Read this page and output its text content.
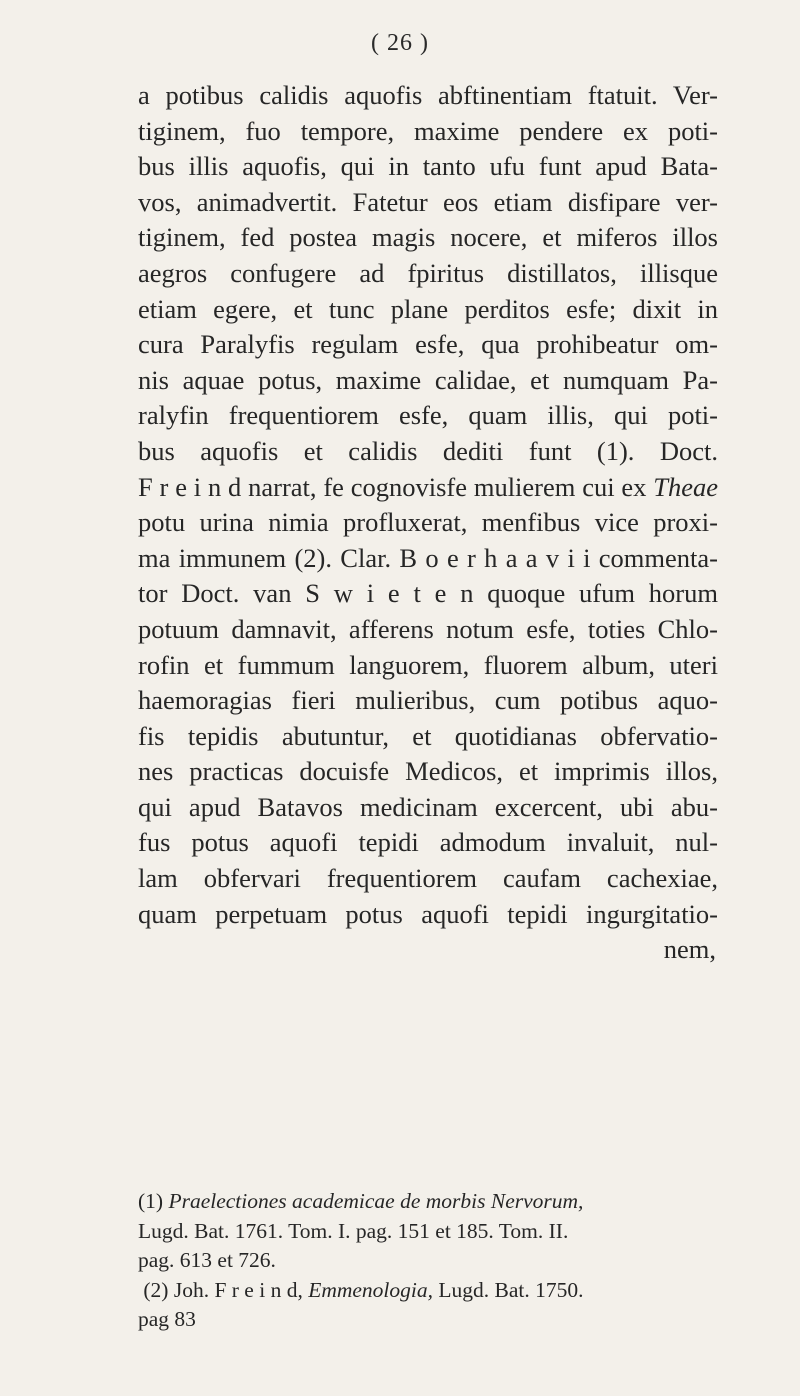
( 26 )
a potibus calidis aquofis abftinentiam ftatuit. Ver-
tiginem, fuo tempore, maxime pendere ex poti-
bus illis aquofis, qui in tanto ufu funt apud Bata-
vos, animadvertit. Fatetur eos etiam disfipare ver-
tiginem, fed postea magis nocere, et miferos illos
aegros confugere ad fpiritus distillatos, illisque
etiam egere, et tunc plane perditos esfe; dixit in
cura Paralyfis regulam esfe, qua prohibeatur om-
nis aquae potus, maxime calidae, et numquam Pa-
ralyfin frequentiorem esfe, quam illis, qui poti-
bus aquofis et calidis dediti funt (1). Doct.
F r e i n d narrat, fe cognovisfe mulierem cui ex Theae
potu urina nimia profluxerat, menfibus vice proxi-
ma immunem (2). Clar. B o e r h a a v i i commenta-
tor Doct. van S w i e t e n quoque ufum horum
potuum damnavit, afferens notum esfe, toties Chlo-
rofin et fummum languorem, fluorem album, uteri
haemoragias fieri mulieribus, cum potibus aquo-
fis tepidis abutuntur, et quotidianas obfervatio-
nes practicas docuisfe Medicos, et imprimis illos,
qui apud Batavos medicinam excercent, ubi abu-
fus potus aquofi tepidi admodum invaluit, nul-
lam obfervari frequentiorem caufam cachexiae,
quam perpetuam potus aquofi tepidi ingurgitatio-
nem,
(1) Praelectiones academicae de morbis Nervorum,
Lugd. Bat. 1761. Tom. I. pag. 151 et 185. Tom. II.
pag. 613 et 726.
(2) Joh. F r e i n d, Emmenologia, Lugd. Bat. 1750.
pag 83
